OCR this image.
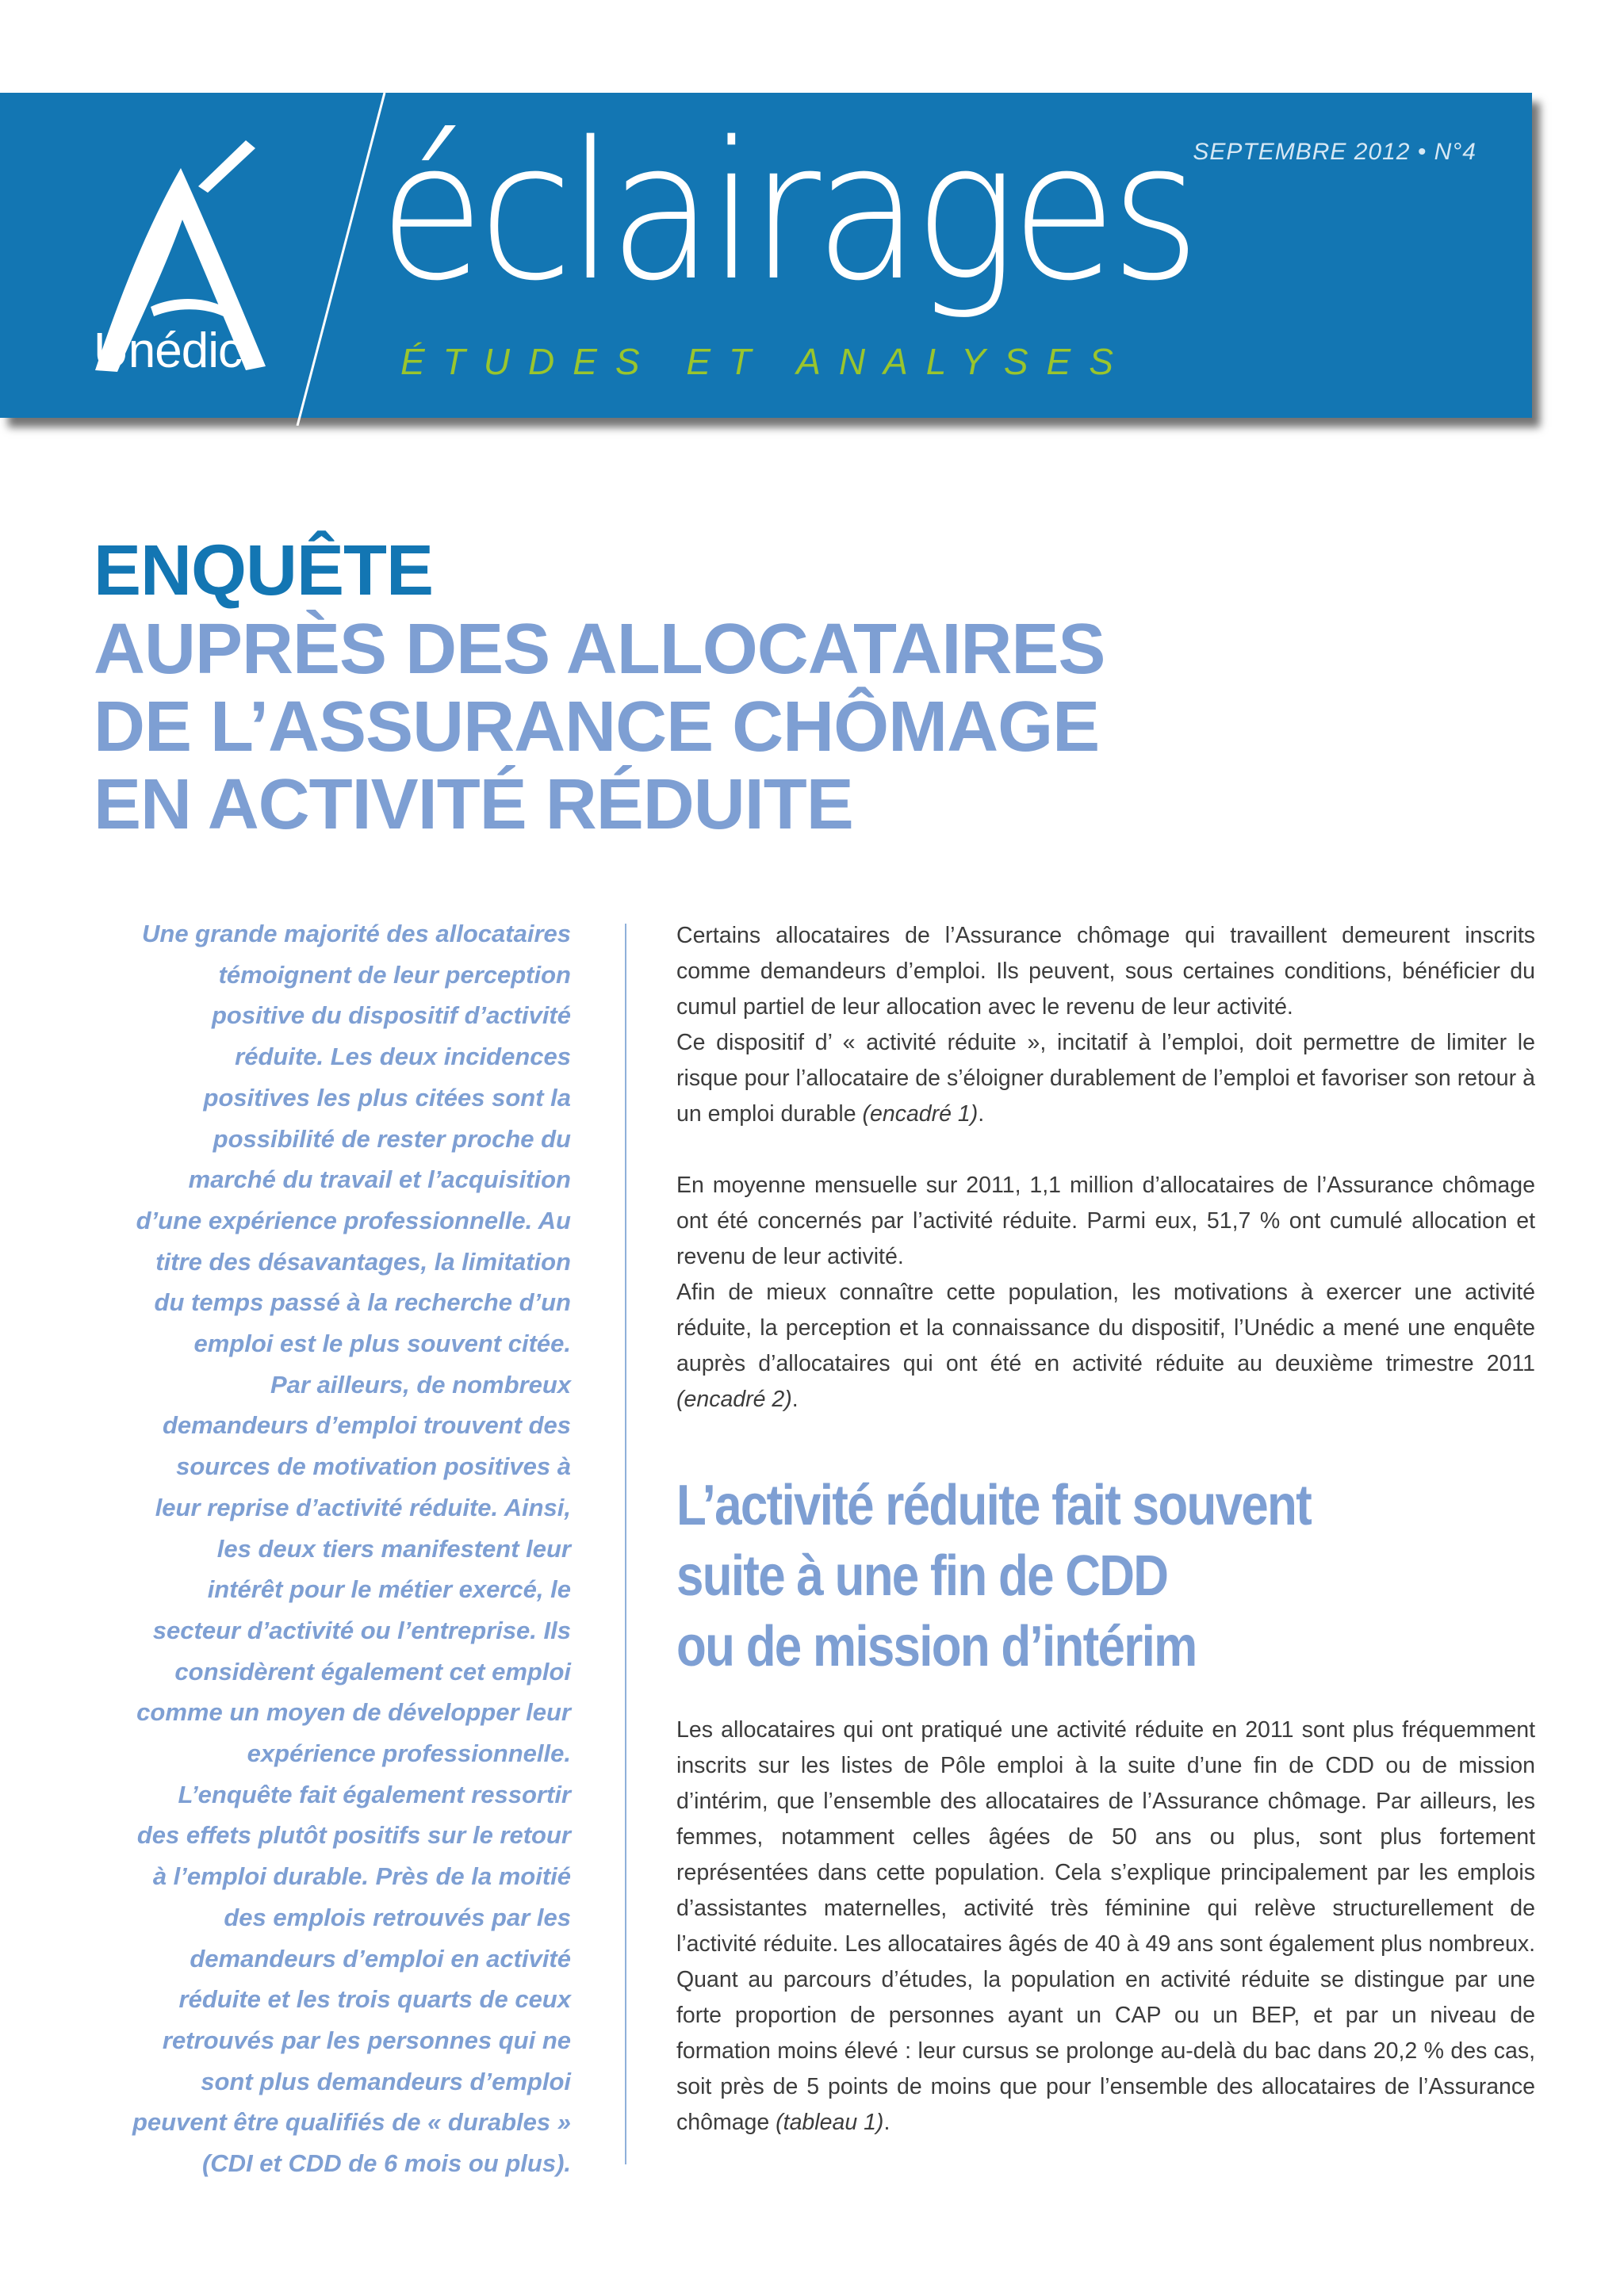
Unédic
éclairages
ÉTUDES ET ANALYSES
SEPTEMBRE 2012 • N°4
ENQUÊTE
AUPRÈS DES ALLOCATAIRES
DE L’ASSURANCE CHÔMAGE
EN ACTIVITÉ RÉDUITE
Une grande majorité des allocataires
témoignent de leur perception
positive du dispositif d’activité
réduite. Les deux incidences
positives les plus citées sont la
possibilité de rester proche du
marché du travail et l’acquisition
d’une expérience professionnelle. Au
titre des désavantages, la limitation
du temps passé à la recherche d’un
emploi est le plus souvent citée.
Par ailleurs, de nombreux
demandeurs d’emploi trouvent des
sources de motivation positives à
leur reprise d’activité réduite. Ainsi,
les deux tiers manifestent leur
intérêt pour le métier exercé, le
secteur d’activité ou l’entreprise. Ils
considèrent également cet emploi
comme un moyen de développer leur
expérience professionnelle.
L’enquête fait également ressortir
des effets plutôt positifs sur le retour
à l’emploi durable. Près de la moitié
des emplois retrouvés par les
demandeurs d’emploi en activité
réduite et les trois quarts de ceux
retrouvés par les personnes qui ne
sont plus demandeurs d’emploi
peuvent être qualifiés de « durables »
(CDI et CDD de 6 mois ou plus).

Certains allocataires de l’Assurance chômage qui travaillent demeurent inscrits comme demandeurs d’emploi. Ils peuvent, sous certaines conditions, bénéficier du cumul partiel de leur allocation avec le revenu de leur activité.

Ce dispositif d’ « activité réduite », incitatif à l’emploi, doit permettre de limiter le risque pour l’allocataire de s’éloigner durablement de l’emploi et favoriser son retour à un emploi durable (encadré 1).

En moyenne mensuelle sur 2011, 1,1 million d’allocataires de l’Assurance chômage ont été concernés par l’activité réduite. Parmi eux, 51,7 % ont cumulé allocation et revenu de leur activité.

Afin de mieux connaître cette population, les motivations à exercer une activité réduite, la perception et la connaissance du dispositif, l’Unédic a mené une enquête auprès d’allocataires qui ont été en activité réduite au deuxième trimestre 2011 (encadré 2).

L’activité réduite fait souvent
suite à une fin de CDD
ou de mission d’intérim

Les allocataires qui ont pratiqué une activité réduite en 2011 sont plus fréquemment inscrits sur les listes de Pôle emploi à la suite d’une fin de CDD ou de mission d’intérim, que l’ensemble des allocataires de l’Assurance chômage. Par ailleurs, les femmes, notamment celles âgées de 50 ans ou plus, sont plus fortement représentées dans cette population. Cela s’explique principalement par les emplois d’assistantes maternelles, activité très féminine qui relève structurellement de l’activité réduite. Les allocataires âgés de 40 à 49 ans sont également plus nombreux. Quant au parcours d’études, la population en activité réduite se distingue par une forte proportion de personnes ayant un CAP ou un BEP, et par un niveau de formation moins élevé : leur cursus se prolonge au-delà du bac dans 20,2 % des cas, soit près de 5 points de moins que pour l’ensemble des allocataires de l’Assurance chômage (tableau 1).
